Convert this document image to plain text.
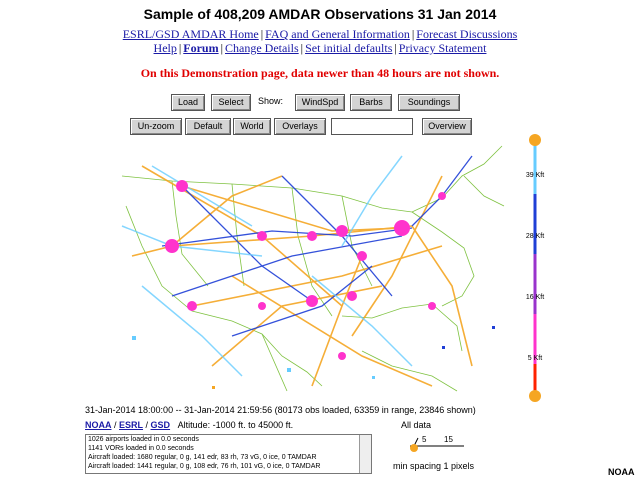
Sample of 408,209 AMDAR Observations 31 Jan 2014
ESRL/GSD AMDAR Home | FAQ and General Information | Forecast Discussions
Help | Forum | Change Details | Set initial defaults | Privacy Statement
On this Demonstration page, data newer than 48 hours are not shown.
Load	Select	Show:	WindSpd	Barbs	Soundings
Un-zoom	Default	World	Overlays	Overview
39 Kft
28 Kft
16 Kft
5 Kft
31-Jan-2014 18:00:00 -- 31-Jan-2014 21:59:56 (80173 obs loaded, 63359 in range, 23846 shown)
NOAA / ESRL / GSD Altitude: -1000 ft. to 45000 ft.
1026 airports loaded in 0.0 seconds
1141 VORs loaded in 0.0 seconds
Aircraft loaded: 1680 regular, 0 g, 141 edr, 83 rh, 73 vG, 0 ice, 0 TAMDAR
Aircraft loaded: 1441 regular, 0 g, 108 edr, 76 rh, 101 vG, 0 ice, 0 TAMDAR
All data
5 15
min spacing 1 pixels
NOAA
